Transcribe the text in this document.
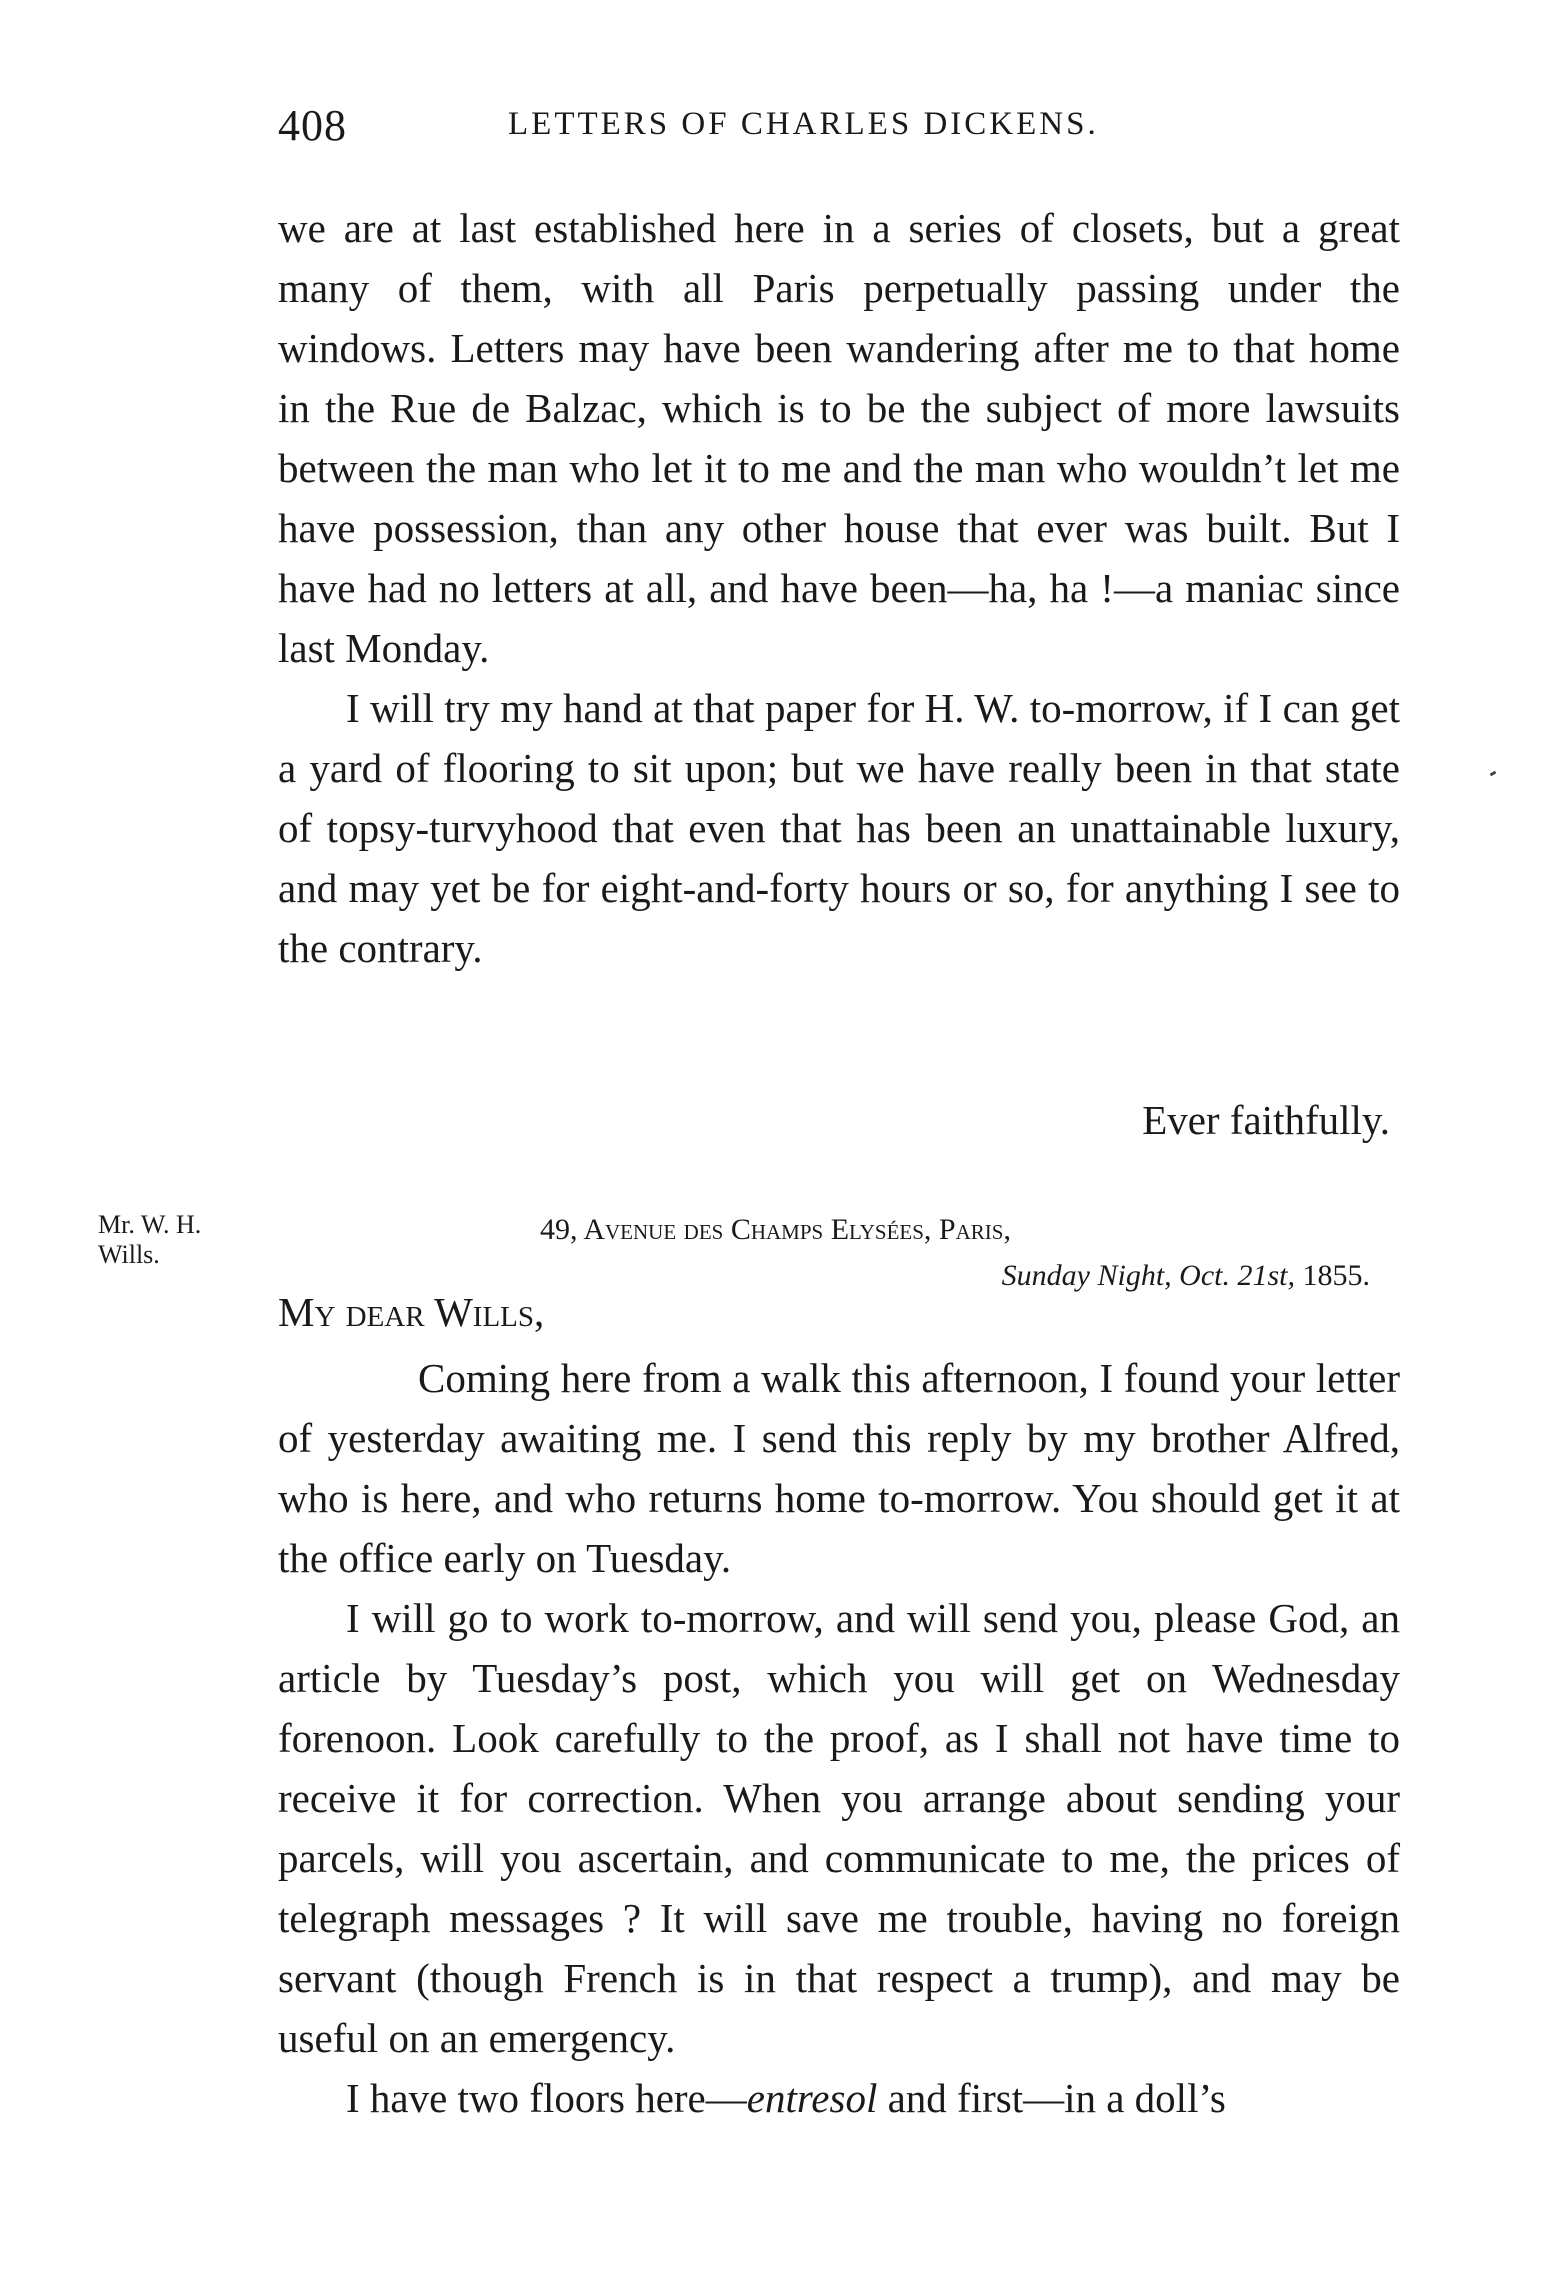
408	LETTERS OF CHARLES DICKENS.

we are at last established here in a series of closets, but a great many of them, with all Paris perpetually passing under the windows. Letters may have been wandering after me to that home in the Rue de Balzac, which is to be the subject of more lawsuits between the man who let it to me and the man who wouldn’t let me have possession, than any other house that ever was built. But I have had no letters at all, and have been—ha, ha !—a maniac since last Monday.

I will try my hand at that paper for H. W. to-morrow, if I can get a yard of flooring to sit upon; but we have really been in that state of topsy-turvyhood that even that has been an unattainable luxury, and may yet be for eight-and-forty hours or so, for anything I see to the contrary.

Ever faithfully.
Mr. W. H.
Wills.
49, Avenue des Champs Elysées, Paris,
Sunday Night, Oct. 21st, 1855.
My dear Wills,

Coming here from a walk this afternoon, I found your letter of yesterday awaiting me. I send this reply by my brother Alfred, who is here, and who returns home to-morrow. You should get it at the office early on Tuesday.

I will go to work to-morrow, and will send you, please God, an article by Tuesday’s post, which you will get on Wednesday forenoon. Look carefully to the proof, as I shall not have time to receive it for correction. When you arrange about sending your parcels, will you ascertain, and communicate to me, the prices of telegraph messages ? It will save me trouble, having no foreign servant (though French is in that respect a trump), and may be useful on an emergency.

I have two floors here—entresol and first—in a doll’s
